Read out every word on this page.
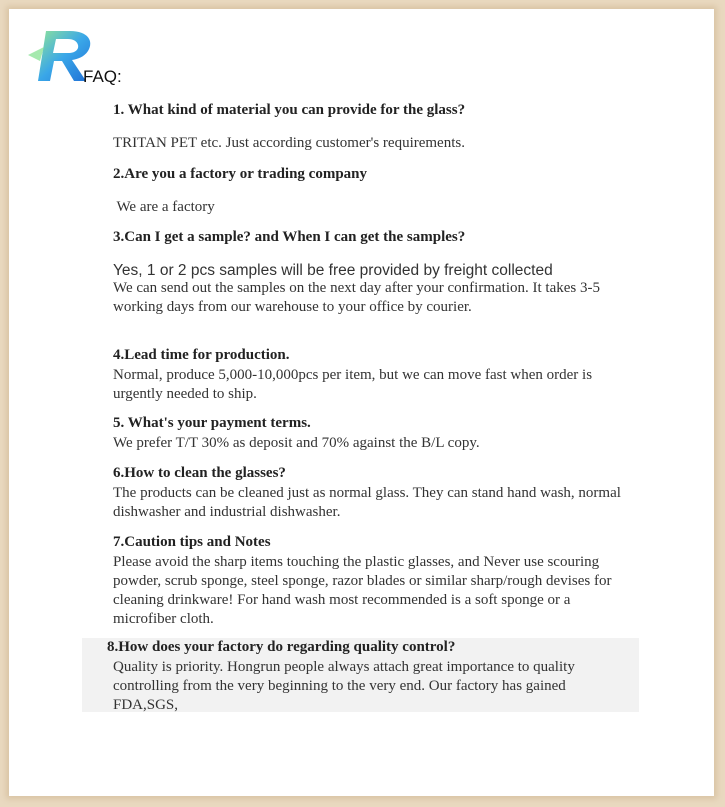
FAQ:
1. What kind of material you can provide for the glass?
TRITAN PET etc. Just according customer's requirements.
2.Are you a factory or trading company
We are a factory
3.Can I get a sample? and When I can get the samples?
Yes, 1 or 2 pcs samples will be free provided by freight collected
We can send out the samples on the next day after your confirmation. It takes 3-5 working days from our warehouse to your office by courier.
4.Lead time for production.
Normal, produce 5,000-10,000pcs per item, but we can move fast when order is urgently needed to ship.
5. What's your payment terms.
We prefer T/T 30% as deposit and 70% against the B/L copy.
6.How to clean the glasses?
The products can be cleaned just as normal glass. They can stand hand wash, normal dishwasher and industrial dishwasher.
7.Caution tips and Notes
Please avoid the sharp items touching the plastic glasses, and Never use scouring powder, scrub sponge, steel sponge, razor blades or similar sharp/rough devises for cleaning drinkware! For hand wash most recommended is a soft sponge or a microfiber cloth.
8.How does your factory do regarding quality control?
Quality is priority. Hongrun people always attach great importance to quality controlling from the very beginning to the very end. Our factory has gained FDA,SGS,
